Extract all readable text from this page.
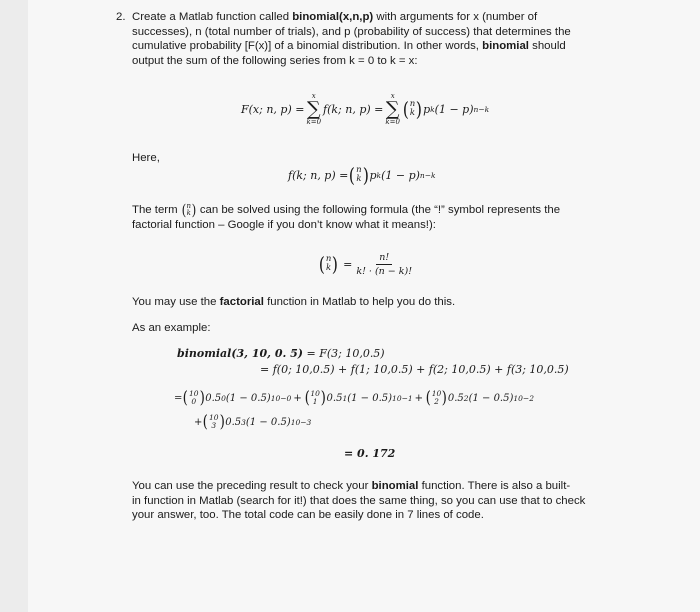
2. Create a Matlab function called binomial(x,n,p) with arguments for x (number of
successes), n (total number of trials), and p (probability of success) that determines the
cumulative probability [F(x)] of a binomial distribution. In other words, binomial should
output the sum of the following series from k = 0 to k = x:
F(x; n, p) =
x
∑
k=0
f(k; n, p) =
x
∑
k=0
( n
k ) p k (1 − p) n−k
Here,
f(k; n, p) = ( n
k ) p k (1 − p) n−k
The term ( n
k ) can be solved using the following formula (the “!” symbol represents the
factorial function – Google if you don’t know what it means!):
( n
k ) = $\frac{n!}{k! \cdot (n - k)!}$
You may use the factorial function in Matlab to help you do this.
As an example:
binomial(3, 10, 0. 5) = F(3; 10,0.5)
= f(0; 10,0.5) + f(1; 10,0.5) + f(2; 10,0.5) + f(3; 10,0.5)
= ( 10
0 ) 0.5 0 (1 − 0.5) 10−0 + ( 10
1 ) 0.5 1 (1 − 0.5) 10−1 + ( 10
2 ) 0.5 2 (1 − 0.5) 10−2
+ ( 10
3 ) 0.5 3 (1 − 0.5) 10−3
= 0. 172
You can use the preceding result to check your binomial function. There is also a built-
in function in Matlab (search for it!) that does the same thing, so you can use that to check
your answer, too. The total code can be easily done in 7 lines of code.
